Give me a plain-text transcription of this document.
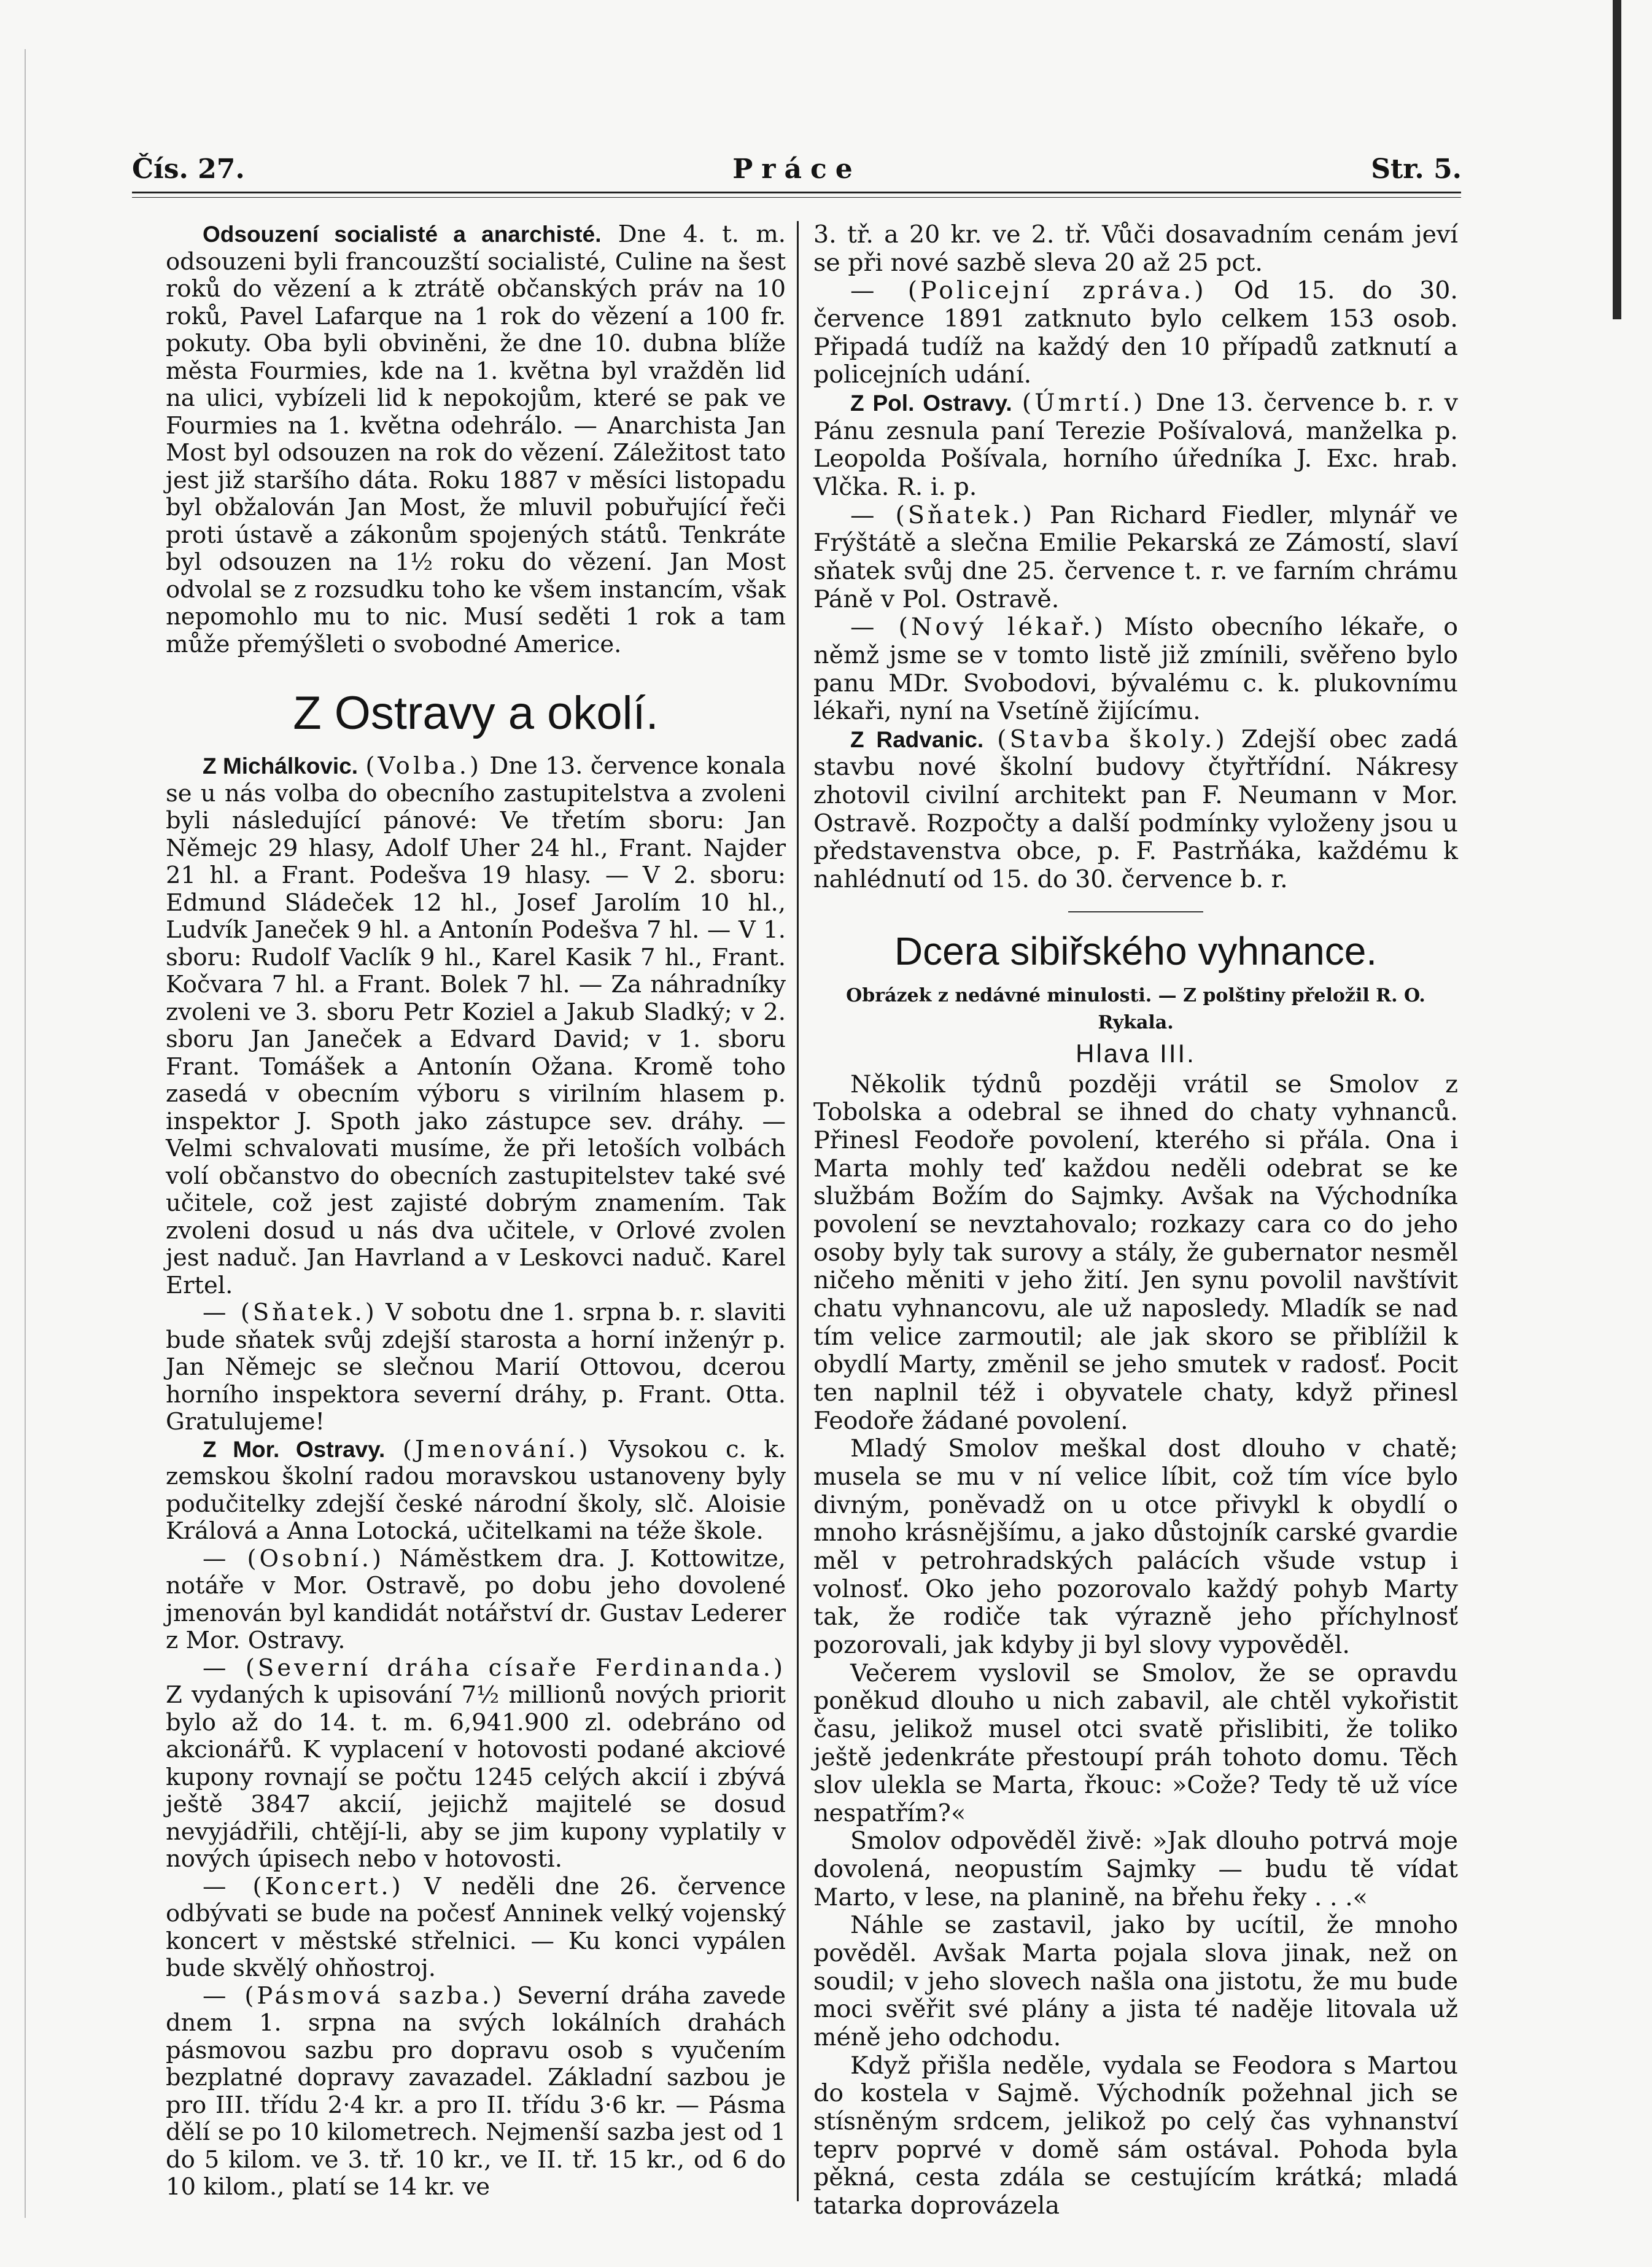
Čís. 27.	Práce	Str. 5.

Odsouzení socialisté a anarchisté. Dne 4. t. m. odsouzeni byli francouzští socialisté, Culine na šest roků do vězení a k ztrátě občanských práv na 10 roků, Pavel Lafarque na 1 rok do vězení a 100 fr. pokuty. Oba byli obviněni, že dne 10. dubna blíže města Fourmies, kde na 1. května byl vražděn lid na ulici, vybízeli lid k nepokojům, které se pak ve Fourmies na 1. května odehrálo. — Anarchista Jan Most byl odsouzen na rok do vězení. Záležitost tato jest již staršího dáta. Roku 1887 v měsíci listopadu byl obžalován Jan Most, že mluvil pobuřující řeči proti ústavě a zákonům spojených států. Tenkráte byl odsouzen na 1½ roku do vězení. Jan Most odvolal se z rozsudku toho ke všem instancím, však nepomohlo mu to nic. Musí seděti 1 rok a tam může přemýšleti o svobodné Americe.

Z Ostravy a okolí.

Z Michálkovic. (Volba.) Dne 13. července konala se u nás volba do obecního zastupitelstva a zvoleni byli následující pánové: Ve třetím sboru: Jan Němejc 29 hlasy, Adolf Uher 24 hl., Frant. Najder 21 hl. a Frant. Podešva 19 hlasy. — V 2. sboru: Edmund Sládeček 12 hl., Josef Jarolím 10 hl., Ludvík Janeček 9 hl. a Antonín Podešva 7 hl. — V 1. sboru: Rudolf Vaclík 9 hl., Karel Kasik 7 hl., Frant. Kočvara 7 hl. a Frant. Bolek 7 hl. — Za náhradníky zvoleni ve 3. sboru Petr Koziel a Jakub Sladký; v 2. sboru Jan Janeček a Edvard David; v 1. sboru Frant. Tomášek a Antonín Ožana. Kromě toho zasedá v obecním výboru s virilním hlasem p. inspektor J. Spoth jako zástupce sev. dráhy. — Velmi schvalovati musíme, že při letoších volbách volí občanstvo do obecních zastupitelstev také své učitele, což jest zajisté dobrým znamením. Tak zvoleni dosud u nás dva učitele, v Orlové zvolen jest naduč. Jan Havrland a v Leskovci naduč. Karel Ertel.

— (Sňatek.) V sobotu dne 1. srpna b. r. slaviti bude sňatek svůj zdejší starosta a horní inženýr p. Jan Němejc se slečnou Marií Ottovou, dcerou horního inspektora severní dráhy, p. Frant. Otta. Gratulujeme!

Z Mor. Ostravy. (Jmenování.) Vysokou c. k. zemskou školní radou moravskou ustanoveny byly podučitelky zdejší české národní školy, slč. Aloisie Králová a Anna Lotocká, učitelkami na téže škole.

— (Osobní.) Náměstkem dra. J. Kottowitze, notáře v Mor. Ostravě, po dobu jeho dovolené jmenován byl kandidát notářství dr. Gustav Lederer z Mor. Ostravy.

— (Severní dráha císaře Ferdinanda.) Z vydaných k upisování 7½ millionů nových priorit bylo až do 14. t. m. 6,941.900 zl. odebráno od akcionářů. K vyplacení v hotovosti podané akciové kupony rovnají se počtu 1245 celých akcií i zbývá ještě 3847 akcií, jejichž majitelé se dosud nevyjádřili, chtějí-li, aby se jim kupony vyplatily v nových úpisech nebo v hotovosti.

— (Koncert.) V neděli dne 26. července odbývati se bude na počesť Anninek velký vojenský koncert v městské střelnici. — Ku konci vypálen bude skvělý ohňostroj.

— (Pásmová sazba.) Severní dráha zavede dnem 1. srpna na svých lokálních drahách pásmovou sazbu pro dopravu osob s vyučením bezplatné dopravy zavazadel. Základní sazbou je pro III. třídu 2·4 kr. a pro II. třídu 3·6 kr. — Pásma dělí se po 10 kilometrech. Nejmenší sazba jest od 1 do 5 kilom. ve 3. tř. 10 kr., ve II. tř. 15 kr., od 6 do 10 kilom., platí se 14 kr. ve

3. tř. a 20 kr. ve 2. tř. Vůči dosavadním cenám jeví se při nové sazbě sleva 20 až 25 pct.

— (Policejní zpráva.) Od 15. do 30. července 1891 zatknuto bylo celkem 153 osob. Připadá tudíž na každý den 10 případů zatknutí a policejních udání.

Z Pol. Ostravy. (Úmrtí.) Dne 13. července b. r. v Pánu zesnula paní Terezie Pošívalová, manželka p. Leopolda Pošívala, horního úředníka J. Exc. hrab. Vlčka. R. i. p.

— (Sňatek.) Pan Richard Fiedler, mlynář ve Frýštátě a slečna Emilie Pekarská ze Zámostí, slaví sňatek svůj dne 25. července t. r. ve farním chrámu Páně v Pol. Ostravě.

— (Nový lékař.) Místo obecního lékaře, o němž jsme se v tomto listě již zmínili, svěřeno bylo panu MDr. Svobodovi, bývalému c. k. plukovnímu lékaři, nyní na Vsetíně žijícímu.

Z Radvanic. (Stavba školy.) Zdejší obec zadá stavbu nové školní budovy čtyřtřídní. Nákresy zhotovil civilní architekt pan F. Neumann v Mor. Ostravě. Rozpočty a další podmínky vyloženy jsou u představenstva obce, p. F. Pastrňáka, každému k nahlédnutí od 15. do 30. července b. r.

Dcera sibiřského vyhnance.
Obrázek z nedávné minulosti. — Z polštiny přeložil R. O. Rykala.
Hlava III.

Několik týdnů později vrátil se Smolov z Tobolska a odebral se ihned do chaty vyhnanců. Přinesl Feodoře povolení, kterého si přála. Ona i Marta mohly teď každou neděli odebrat se ke službám Božím do Sajmky. Avšak na Východníka povolení se nevztahovalo; rozkazy cara co do jeho osoby byly tak surovy a stály, že gubernator nesměl ničeho měniti v jeho žití. Jen synu povolil navštívit chatu vyhnancovu, ale už naposledy. Mladík se nad tím velice zarmoutil; ale jak skoro se přiblížil k obydlí Marty, změnil se jeho smutek v radosť. Pocit ten naplnil též i obyvatele chaty, když přinesl Feodoře žádané povolení.

Mladý Smolov meškal dost dlouho v chatě; musela se mu v ní velice líbit, což tím více bylo divným, poněvadž on u otce přivykl k obydlí o mnoho krásnějšímu, a jako důstojník carské gvardie měl v petrohradských palácích všude vstup i volnosť. Oko jeho pozorovalo každý pohyb Marty tak, že rodiče tak výrazně jeho příchylnosť pozorovali, jak kdyby ji byl slovy vypověděl.

Večerem vyslovil se Smolov, že se opravdu poněkud dlouho u nich zabavil, ale chtěl vykořistit času, jelikož musel otci svatě přislibiti, že toliko ještě jedenkráte přestoupí práh tohoto domu. Těch slov ulekla se Marta, řkouc: »Cože? Tedy tě už více nespatřím?«

Smolov odpověděl živě: »Jak dlouho potrvá moje dovolená, neopustím Sajmky — budu tě vídat Marto, v lese, na planině, na břehu řeky . . .«

Náhle se zastavil, jako by ucítil, že mnoho pověděl. Avšak Marta pojala slova jinak, než on soudil; v jeho slovech našla ona jistotu, že mu bude moci svěřit své plány a jista té naděje litovala už méně jeho odchodu.

Když přišla neděle, vydala se Feodora s Martou do kostela v Sajmě. Východník požehnal jich se stísněným srdcem, jelikož po celý čas vyhnanství teprv poprvé v domě sám ostával. Pohoda byla pěkná, cesta zdála se cestujícím krátká; mladá tatarka doprovázela
